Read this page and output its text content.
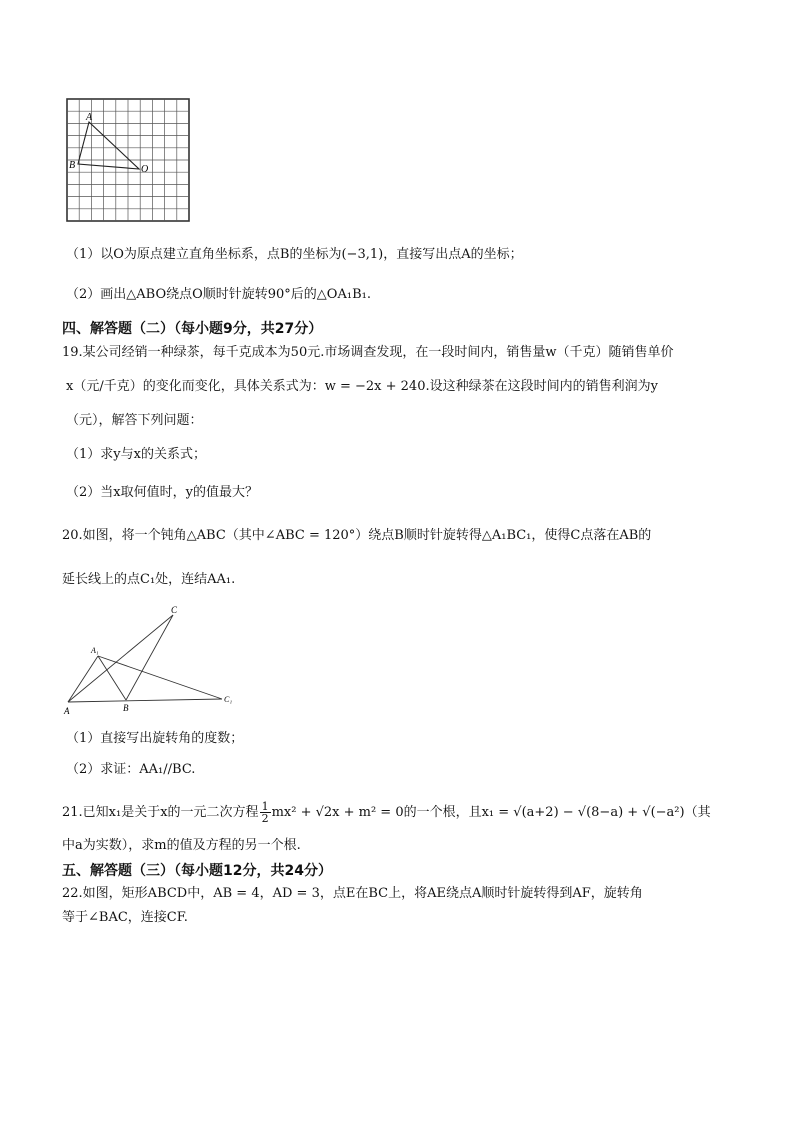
A
B	O
（1）以O为原点建立直角坐标系，点B的坐标为(−3,1)，直接写出点A的坐标；
（2）画出△ABO绕点O顺时针旋转90°后的△OA₁B₁.
四、解答题（二）（每小题9分，共27分）
19.某公司经销一种绿茶，每千克成本为50元.市场调查发现，在一段时间内，销售量w（千克）随销售单价
x（元/千克）的变化而变化，具体关系式为：w = −2x + 240.设这种绿茶在这段时间内的销售利润为y
（元），解答下列问题：
（1）求y与x的关系式；
（2）当x取何值时，y的值最大？
20.如图，将一个钝角△ABC（其中∠ABC = 120°）绕点B顺时针旋转得△A₁BC₁，使得C点落在AB的
延长线上的点C₁处，连结AA₁.
C
A₁
A	B
C₁
（1）直接写出旋转角的度数；
（2）求证：AA₁//BC.
21.已知x₁是关于x的一元二次方程 $\frac{1}{2} mx^2 + √2x + m^2 = 0$的一个根，且x₁ = √(a+2) − √(8−a) + √(−a²)（其
中a为实数），求m的值及方程的另一个根.
五、解答题（三）（每小题12分，共24分）
22.如图，矩形ABCD中，AB = 4，AD = 3，点E在BC上，将AE绕点A顺时针旋转得到AF，旋转角
等于∠BAC，连接CF.
